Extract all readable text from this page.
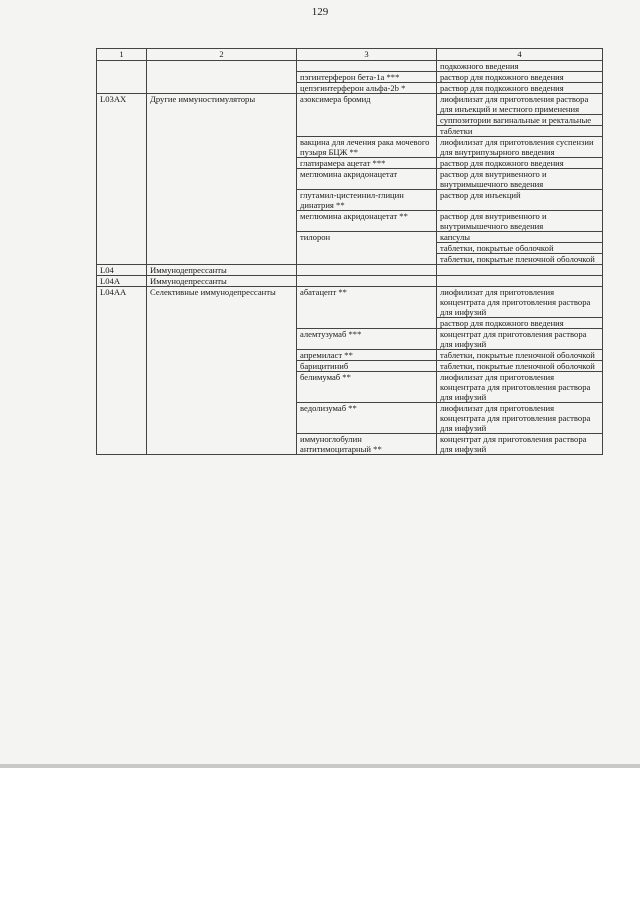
129
1	2	3	4
			подкожного введения
		пэгинтерферон бета-1a ***	раствор для подкожного введения
		цепэгинтерферон альфа-2b *	раствор для подкожного введения
L03AX	Другие иммуностимуляторы	азоксимера бромид	лиофилизат для приготовления раствора для инъекций и местного применения
			суппозитории вагинальные и ректальные
			таблетки
		вакцина для лечения рака мочевого пузыря БЦЖ **	лиофилизат для приготовления суспензии для внутрипузырного введения
		глатирамера ацетат ***	раствор для подкожного введения
		меглюмина акридонацетат	раствор для внутривенного и внутримышечного введения
		глутамил-цистеинил-глицин динатрия **	раствор для инъекций
		меглюмина акридонацетат **	раствор для внутривенного и внутримышечного введения
		тилорон	капсулы
			таблетки, покрытые оболочкой
			таблетки, покрытые пленочной оболочкой
L04	Иммунодепрессанты		
L04A	Иммунодепрессанты		
L04AA	Селективные иммунодепрессанты	абатацепт **	лиофилизат для приготовления концентрата для приготовления раствора для инфузий
			раствор для подкожного введения
		алемтузумаб ***	концентрат для приготовления раствора для инфузий
		апремиласт **	таблетки, покрытые пленочной оболочкой
		барицитиниб	таблетки, покрытые пленочной оболочкой
		белимумаб **	лиофилизат для приготовления концентрата для приготовления раствора для инфузий
		ведолизумаб **	лиофилизат для приготовления концентрата для приготовления раствора для инфузий
		иммуноглобулин антитимоцитарный **	концентрат для приготовления раствора для инфузий
